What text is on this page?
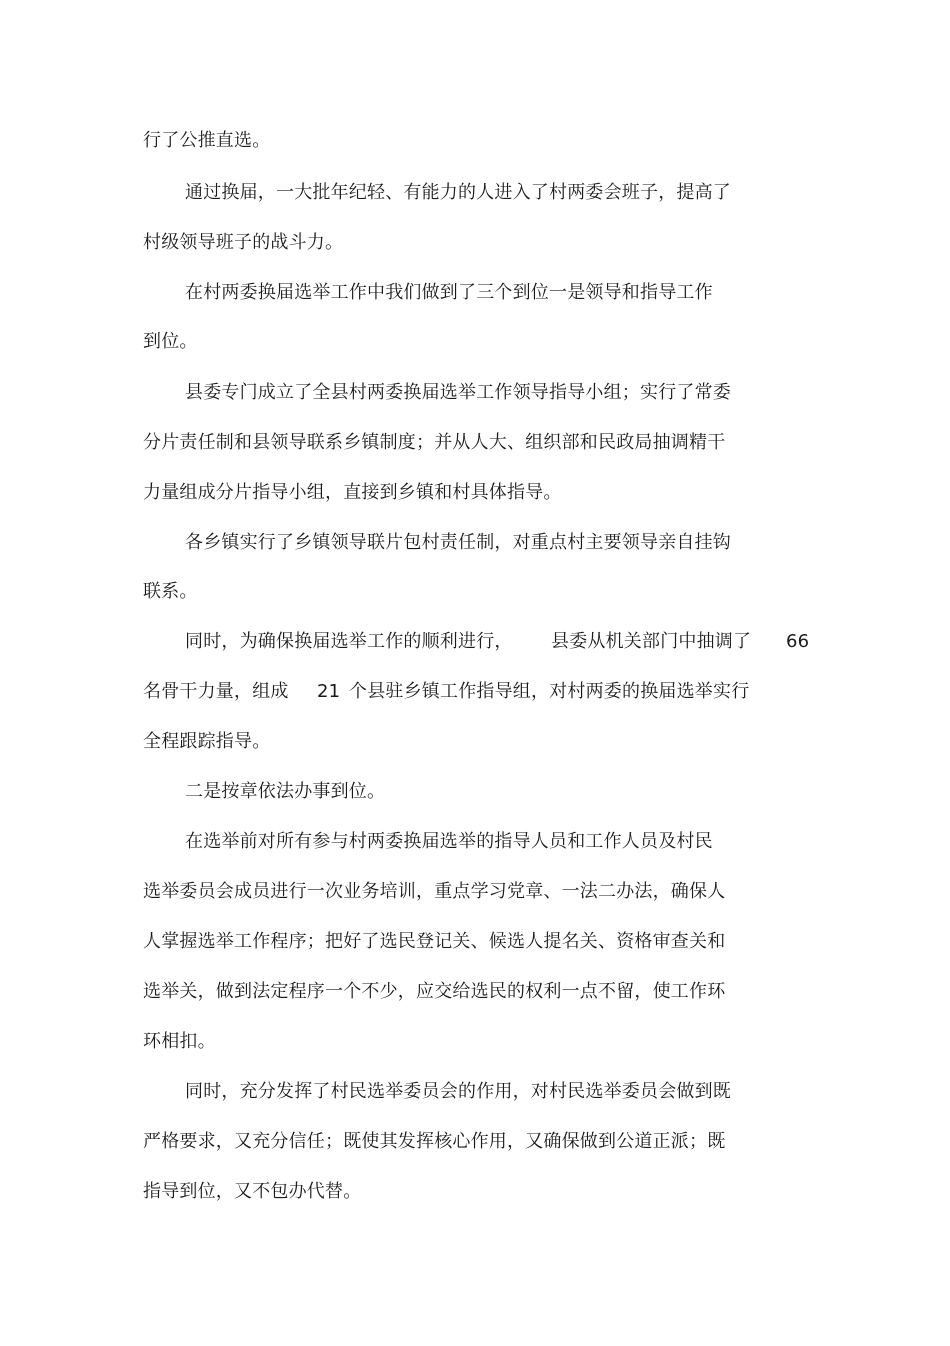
行了公推直选。
通过换届，一大批年纪轻、有能力的人进入了村两委会班子，提高了
村级领导班子的战斗力。
在村两委换届选举工作中我们做到了三个到位一是领导和指导工作
到位。
县委专门成立了全县村两委换届选举工作领导指导小组；实行了常委
分片责任制和县领导联系乡镇制度；并从人大、组织部和民政局抽调精干
力量组成分片指导小组，直接到乡镇和村具体指导。
各乡镇实行了乡镇领导联片包村责任制，对重点村主要领导亲自挂钩
联系。
同时，为确保换届选举工作的顺利进行， 县委从机关部门中抽调了 66
名骨干力量，组成 21 个县驻乡镇工作指导组，对村两委的换届选举实行
全程跟踪指导。
二是按章依法办事到位。
在选举前对所有参与村两委换届选举的指导人员和工作人员及村民
选举委员会成员进行一次业务培训，重点学习党章、一法二办法，确保人
人掌握选举工作程序；把好了选民登记关、候选人提名关、资格审查关和
选举关，做到法定程序一个不少，应交给选民的权利一点不留，使工作环
环相扣。
同时，充分发挥了村民选举委员会的作用，对村民选举委员会做到既
严格要求，又充分信任；既使其发挥核心作用，又确保做到公道正派；既
指导到位，又不包办代替。
